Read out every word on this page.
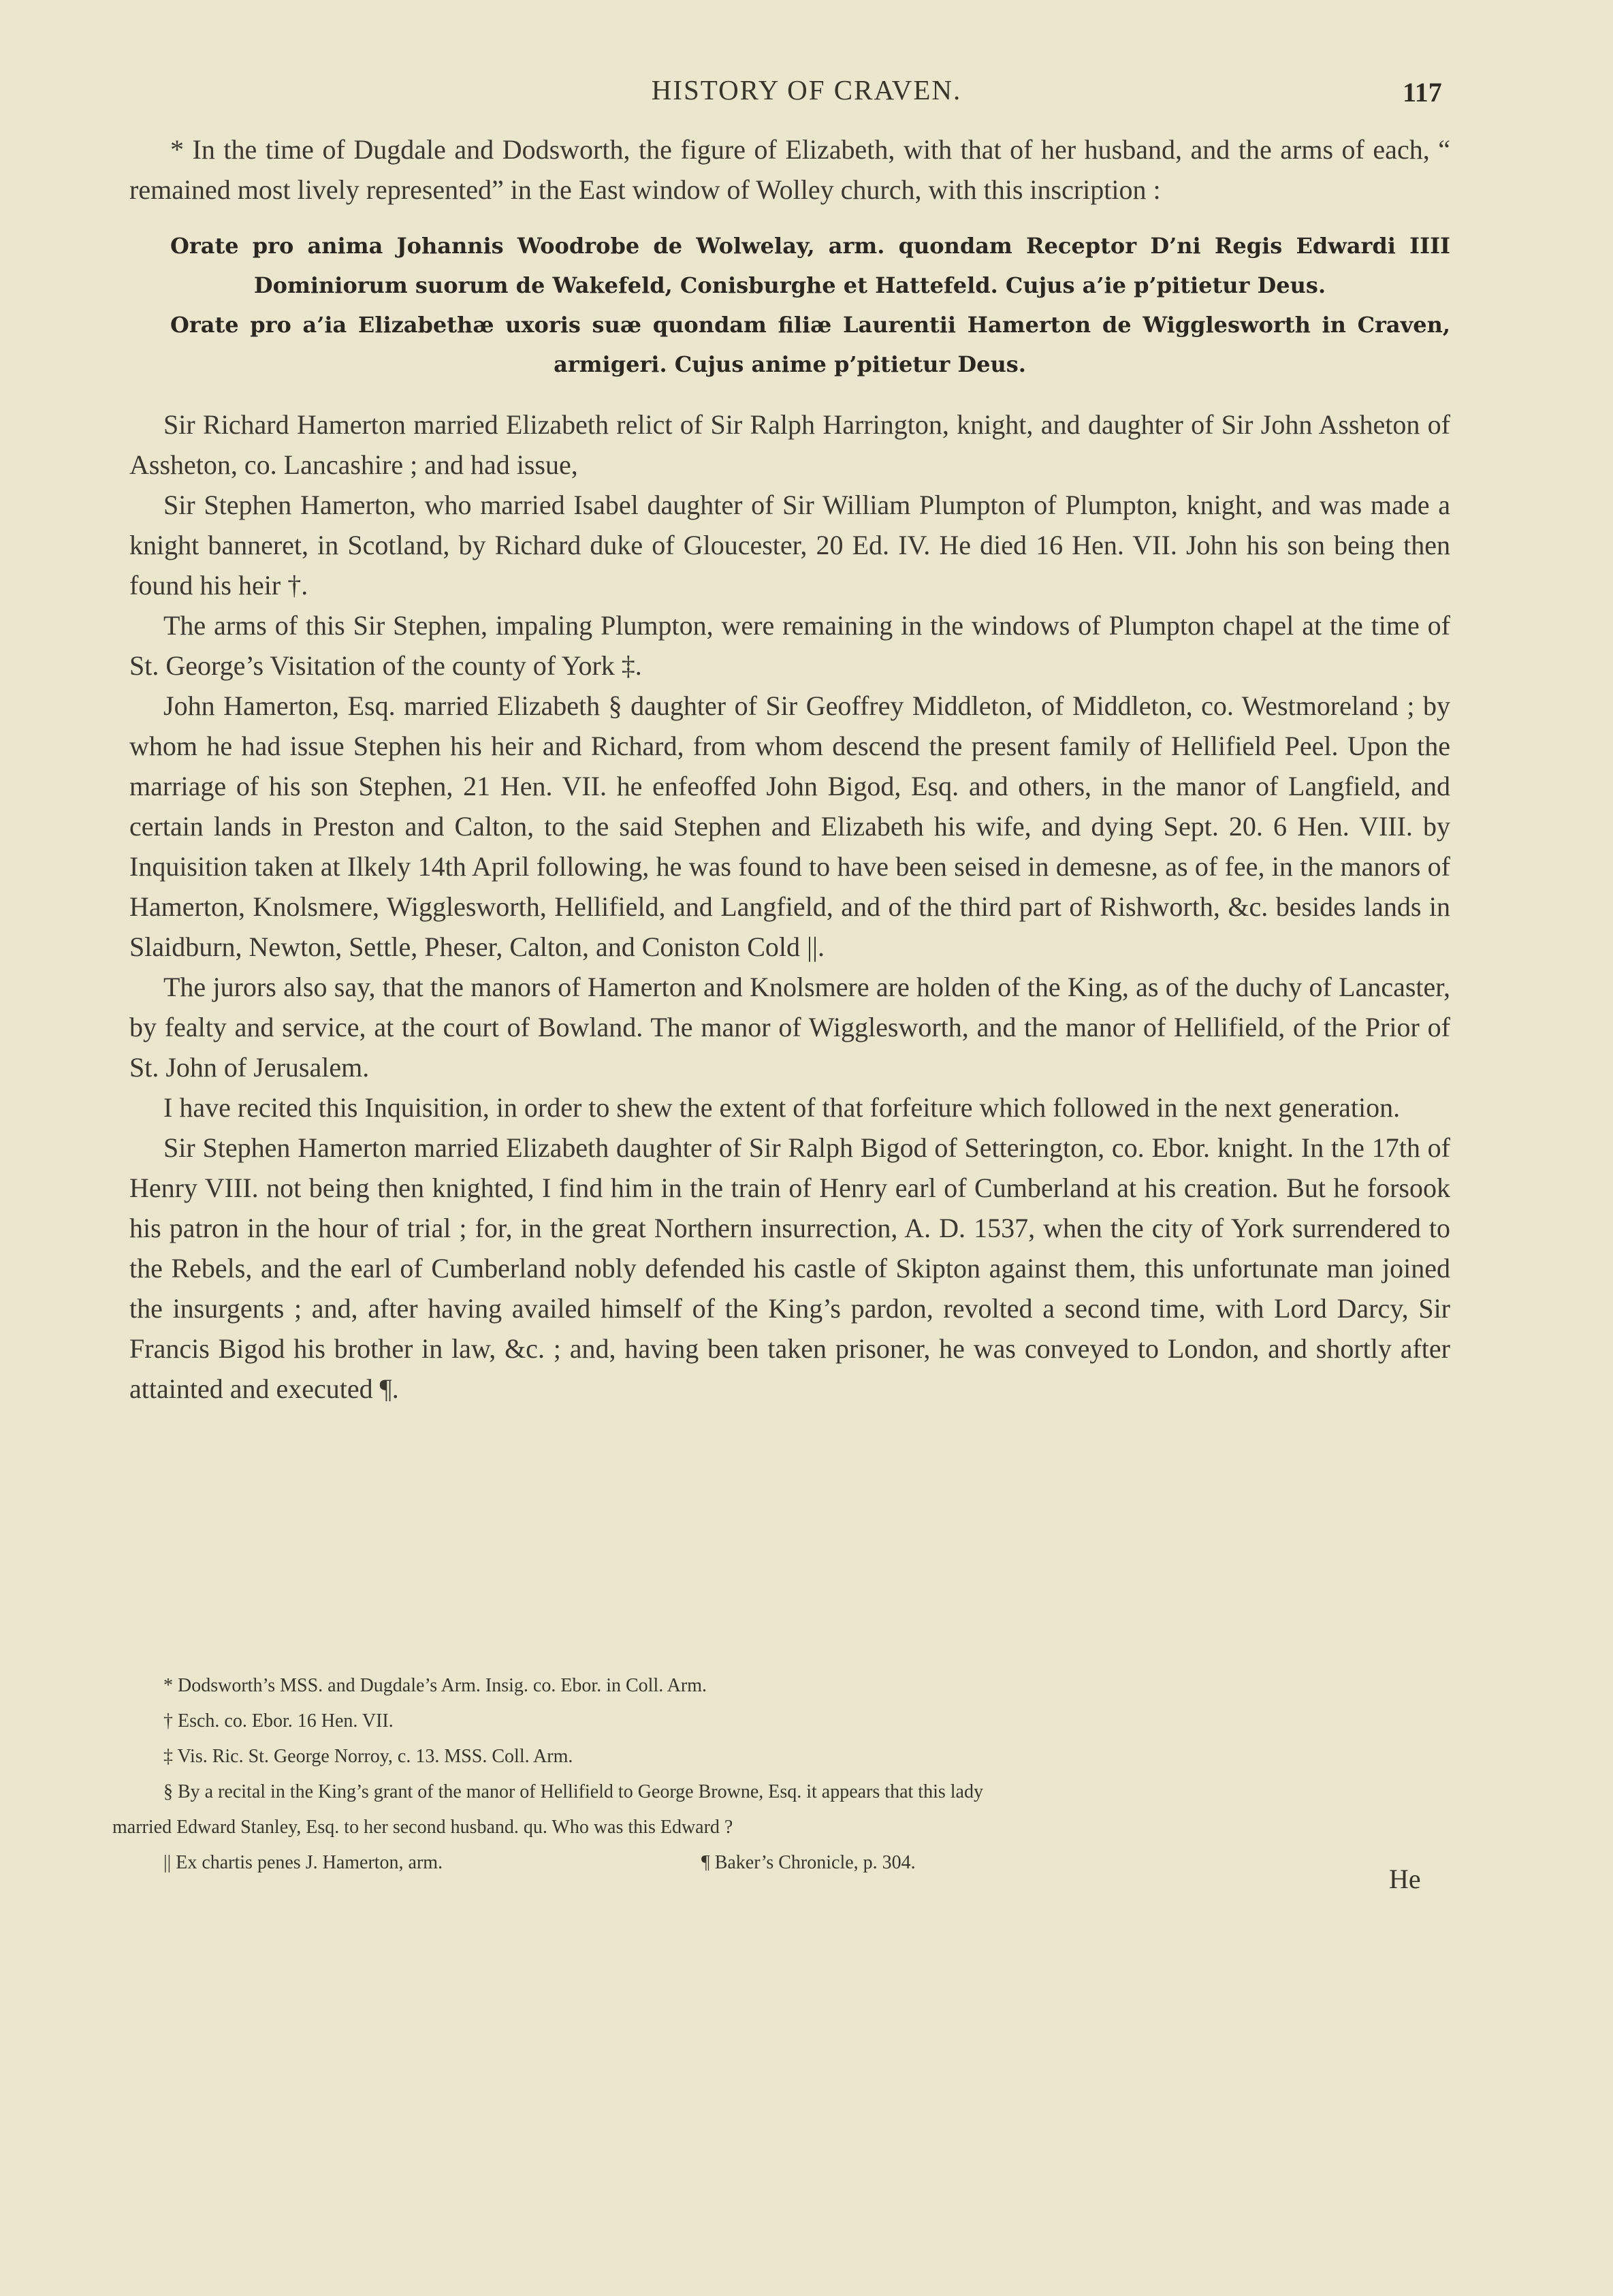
HISTORY OF CRAVEN.	117

* In the time of Dugdale and Dodsworth, the figure of Elizabeth, with that of her husband, and the arms of each, “ remained most lively represented” in the East window of Wolley church, with this inscription :

Orate pro anima Johannis Woodrobe de Wolwelay, arm. quondam Receptor D’ni Regis Edwardi IIII
Dominiorum suorum de Wakefeld, Conisburghe et Hattefeld. Cujus a’ie p’pitietur Deus.
Orate pro a’ia Elizabethæ uxoris suæ quondam filiæ Laurentii Hamerton de Wigglesworth in Craven,
armigeri. Cujus anime p’pitietur Deus.

Sir Richard Hamerton married Elizabeth relict of Sir Ralph Harrington, knight, and daughter of Sir John Assheton of Assheton, co. Lancashire ; and had issue,

Sir Stephen Hamerton, who married Isabel daughter of Sir William Plumpton of Plumpton, knight, and was made a knight banneret, in Scotland, by Richard duke of Gloucester, 20 Ed. IV. He died 16 Hen. VII. John his son being then found his heir †.

The arms of this Sir Stephen, impaling Plumpton, were remaining in the windows of Plumpton chapel at the time of St. George’s Visitation of the county of York ‡.

John Hamerton, Esq. married Elizabeth § daughter of Sir Geoffrey Middleton, of Middleton, co. Westmoreland ; by whom he had issue Stephen his heir and Richard, from whom descend the present family of Hellifield Peel. Upon the marriage of his son Stephen, 21 Hen. VII. he enfeoffed John Bigod, Esq. and others, in the manor of Langfield, and certain lands in Preston and Calton, to the said Stephen and Elizabeth his wife, and dying Sept. 20. 6 Hen. VIII. by Inquisition taken at Ilkely 14th April following, he was found to have been seised in demesne, as of fee, in the manors of Hamerton, Knolsmere, Wigglesworth, Hellifield, and Langfield, and of the third part of Rishworth, &c. besides lands in Slaidburn, Newton, Settle, Pheser, Calton, and Coniston Cold ||.

The jurors also say, that the manors of Hamerton and Knolsmere are holden of the King, as of the duchy of Lancaster, by fealty and service, at the court of Bowland. The manor of Wigglesworth, and the manor of Hellifield, of the Prior of St. John of Jerusalem.

I have recited this Inquisition, in order to shew the extent of that forfeiture which followed in the next generation.

Sir Stephen Hamerton married Elizabeth daughter of Sir Ralph Bigod of Setterington, co. Ebor. knight. In the 17th of Henry VIII. not being then knighted, I find him in the train of Henry earl of Cumberland at his creation. But he forsook his patron in the hour of trial ; for, in the great Northern insurrection, A. D. 1537, when the city of York surrendered to the Rebels, and the earl of Cumberland nobly defended his castle of Skipton against them, this unfortunate man joined the insurgents ; and, after having availed himself of the King’s pardon, revolted a second time, with Lord Darcy, Sir Francis Bigod his brother in law, &c. ; and, having been taken prisoner, he was conveyed to London, and shortly after attainted and executed ¶.

* Dodsworth’s MSS. and Dugdale’s Arm. Insig. co. Ebor. in Coll. Arm.
† Esch. co. Ebor. 16 Hen. VII.
‡ Vis. Ric. St. George Norroy, c. 13. MSS. Coll. Arm.
§ By a recital in the King’s grant of the manor of Hellifield to George Browne, Esq. it appears that this lady
married Edward Stanley, Esq. to her second husband. qu. Who was this Edward ?
|| Ex chartis penes J. Hamerton, arm.	¶ Baker’s Chronicle, p. 304.
He
